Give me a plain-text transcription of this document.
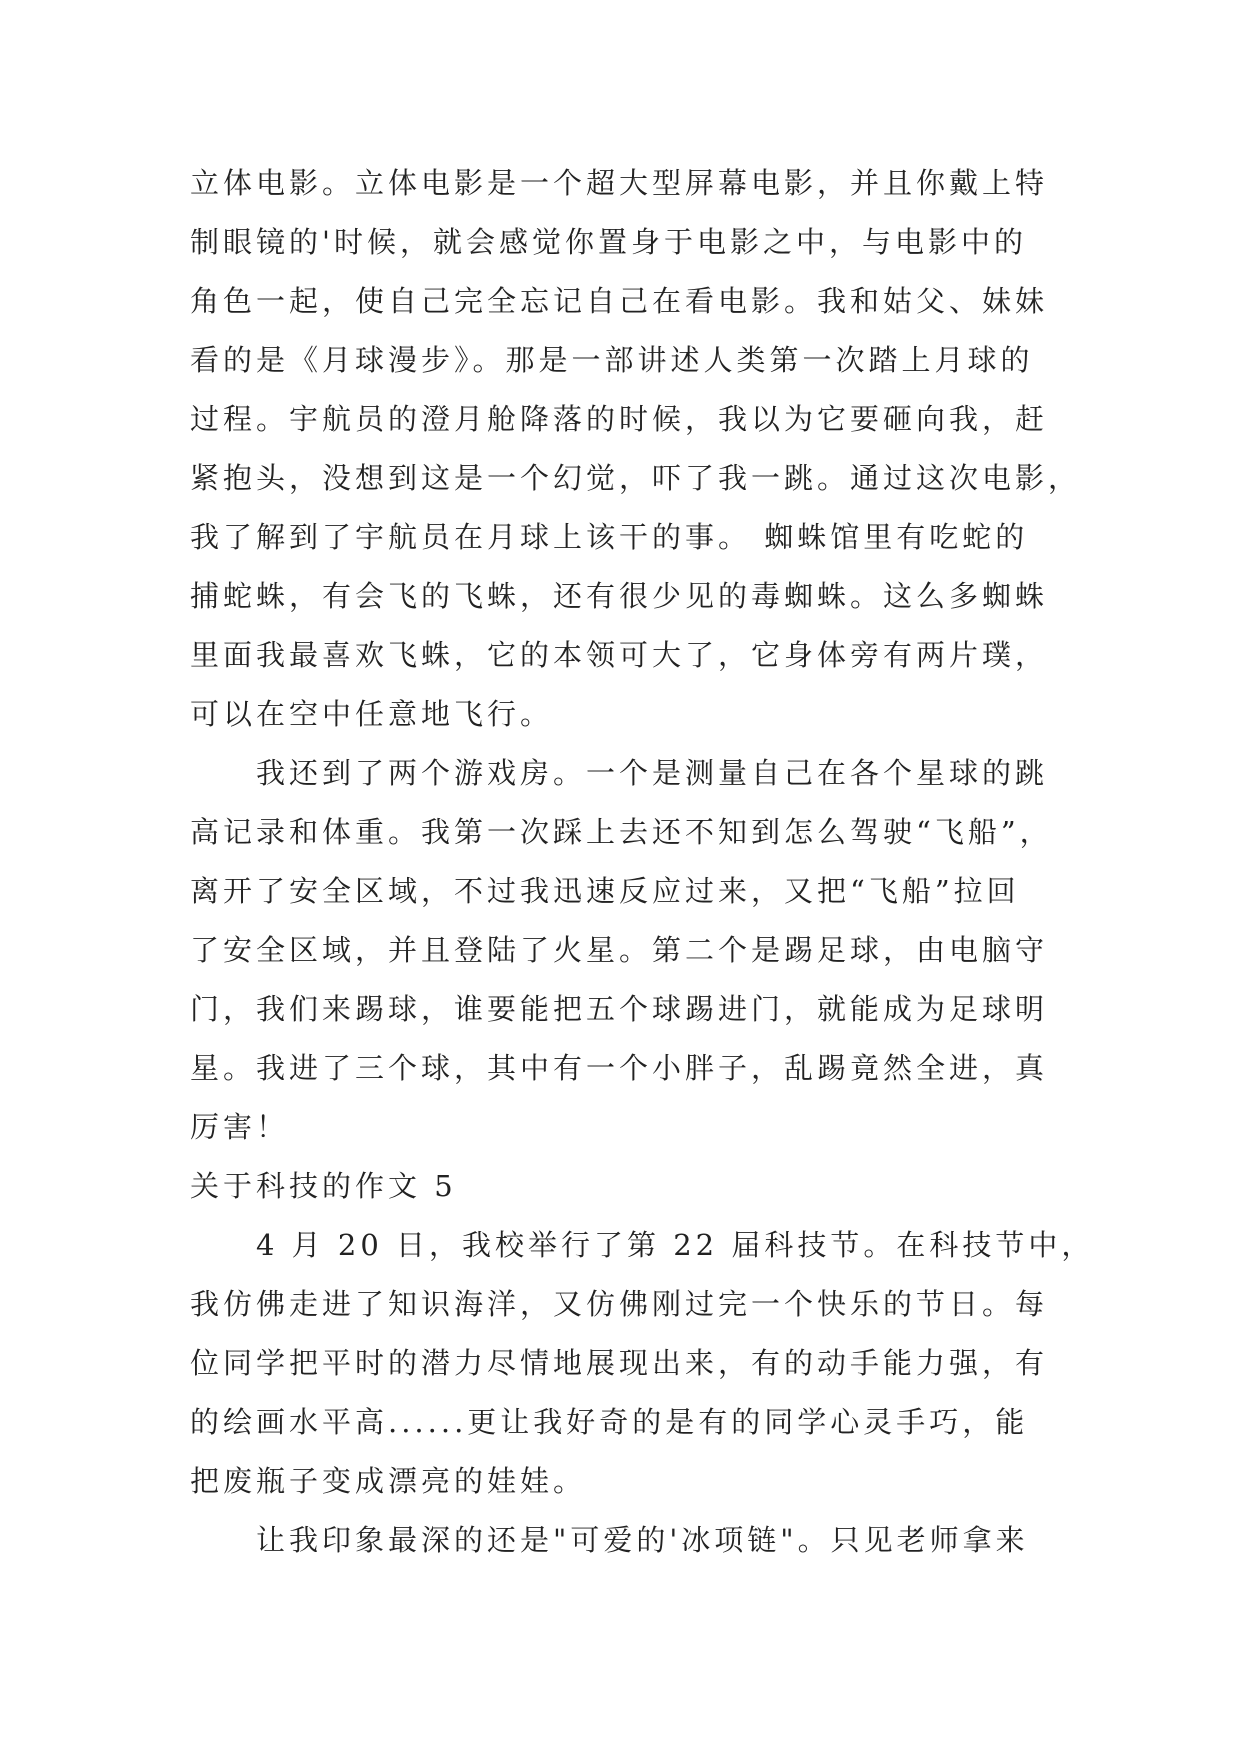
立体电影。立体电影是一个超大型屏幕电影，并且你戴上特
制眼镜的'时候，就会感觉你置身于电影之中，与电影中的
角色一起，使自己完全忘记自己在看电影。我和姑父、妹妹
看的是《月球漫步》。那是一部讲述人类第一次踏上月球的
过程。宇航员的澄月舱降落的时候，我以为它要砸向我，赶
紧抱头，没想到这是一个幻觉，吓了我一跳。通过这次电影，
我了解到了宇航员在月球上该干的事。 蜘蛛馆里有吃蛇的
捕蛇蛛，有会飞的飞蛛，还有很少见的毒蜘蛛。这么多蜘蛛
里面我最喜欢飞蛛，它的本领可大了，它身体旁有两片璞，
可以在空中任意地飞行。
我还到了两个游戏房。一个是测量自己在各个星球的跳
高记录和体重。我第一次踩上去还不知到怎么驾驶“飞船”，
离开了安全区域，不过我迅速反应过来，又把“飞船”拉回
了安全区域，并且登陆了火星。第二个是踢足球，由电脑守
门，我们来踢球，谁要能把五个球踢进门，就能成为足球明
星。我进了三个球，其中有一个小胖子，乱踢竟然全进，真
厉害！
关于科技的作文 5
4 月 20 日，我校举行了第 22 届科技节。在科技节中，
我仿佛走进了知识海洋，又仿佛刚过完一个快乐的节日。每
位同学把平时的潜力尽情地展现出来，有的动手能力强，有
的绘画水平高......更让我好奇的是有的同学心灵手巧，能
把废瓶子变成漂亮的娃娃。
让我印象最深的还是"可爱的'冰项链"。只见老师拿来
